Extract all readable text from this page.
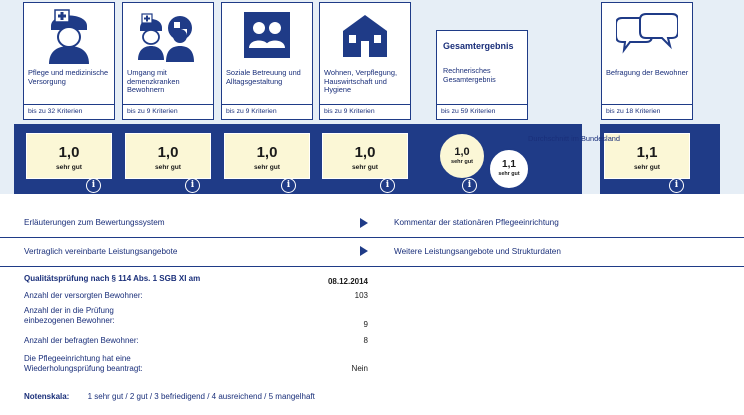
Pflege und medizinische Versorgung
bis zu 32 Kriterien
Umgang mit demenzkranken Bewohnern
bis zu 9 Kriterien
Soziale Betreuung und Alltagsgestaltung
bis zu 9 Kriterien
Wohnen, Verpflegung, Hauswirtschaft und Hygiene
bis zu 9 Kriterien
Gesamtergebnis
Rechnerisches Gesamtergebnis
bis zu 59 Kriterien
Befragung der Bewohner
bis zu 18 Kriterien
1,0
sehr gut
1,0
sehr gut
1,0
sehr gut
1,0
sehr gut
1,1
sehr gut
1,0
sehr gut
Durchschnitt im Bundesland
1,1
sehr gut
i	i	i	i	i	i
Erläuterungen zum Bewertungssystem	Kommentar der stationären Pflegeeinrichtung
Vertraglich vereinbarte Leistungsangebote	Weitere Leistungsangebote und Strukturdaten
Qualitätsprüfung nach § 114 Abs. 1 SGB XI am	08.12.2014
Anzahl der versorgten Bewohner:	103
Anzahl der in die Prüfung einbezogenen Bewohner:
9
Anzahl der befragten Bewohner:	8
Die Pflegeeinrichtung hat eine Wiederholungsprüfung beantragt:	Nein
Notenskala: 1 sehr gut / 2 gut / 3 befriedigend / 4 ausreichend / 5 mangelhaft
